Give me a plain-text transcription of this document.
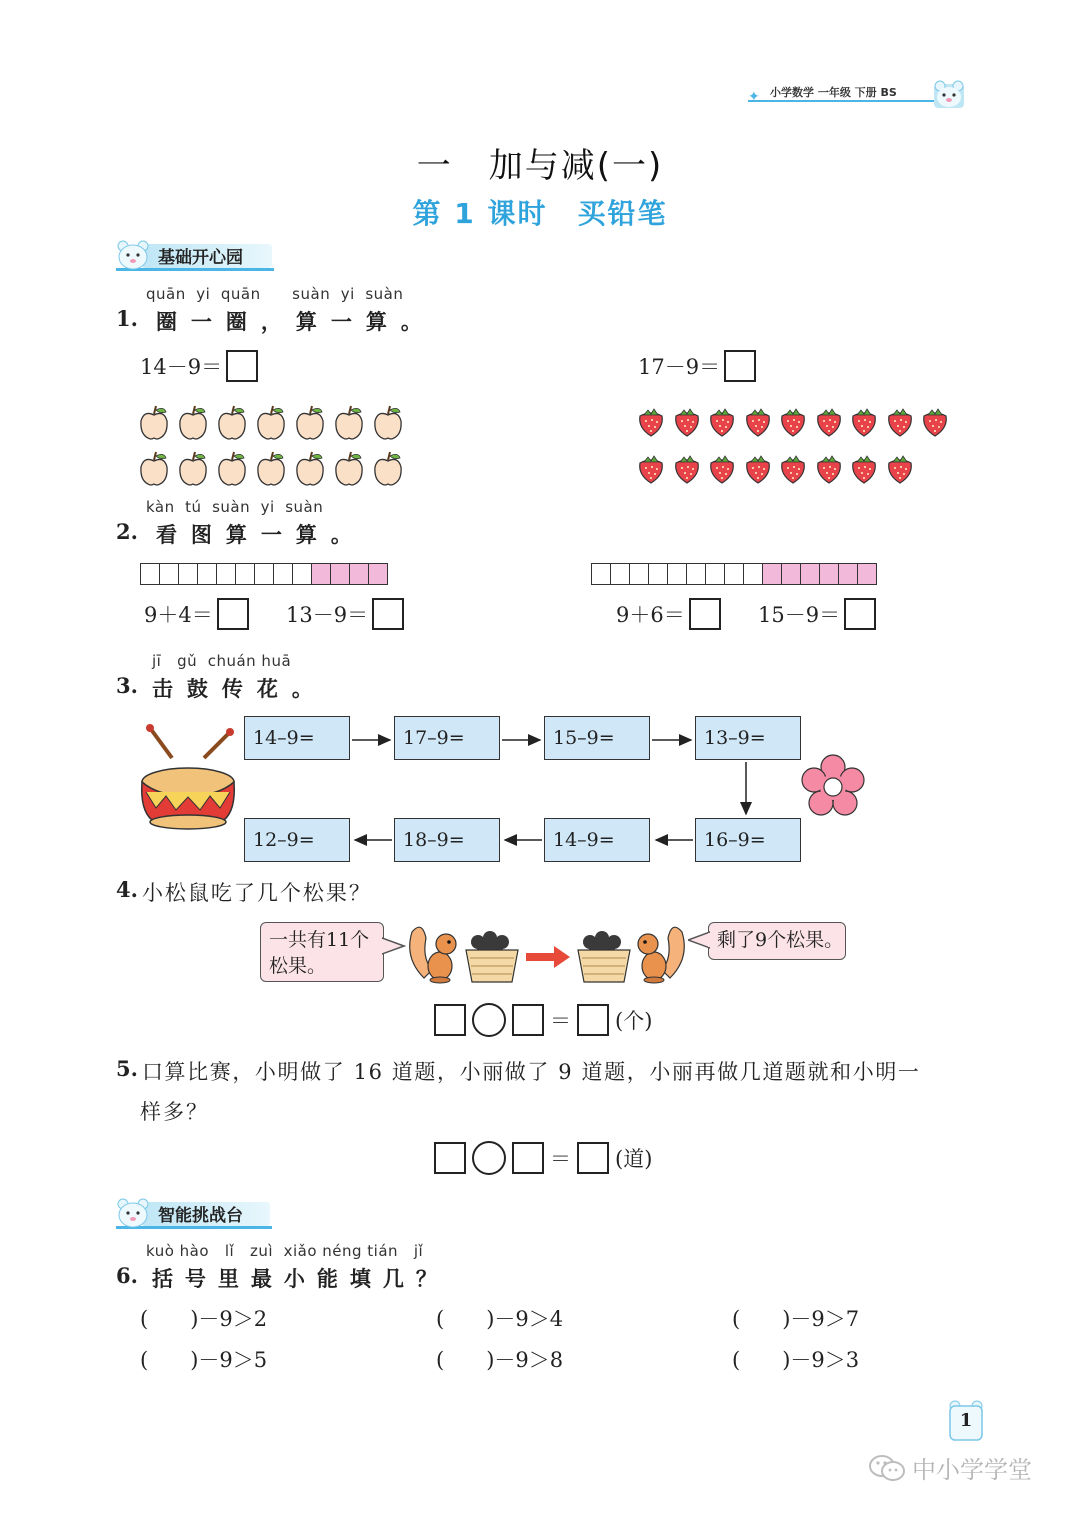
✦ 小学数学 一年级 下册 BS
一　加与减(一)
第 1 课时　买铅笔
基础开心园
quān  yi  quān      suàn  yi  suàn
1. 圈一圈，算一算。
14－9＝	17－9＝
kàn  tú  suàn  yi  suàn
2. 看图算一算。
9＋4＝	13－9＝	9＋6＝	15－9＝
jī   gǔ  chuán huā
3. 击鼓传花。
14–9=	17–9=	15–9=	13–9=
12–9=	18–9=	14–9=	16–9=
4. 小松鼠吃了几个松果？
一共有11个
松果。
剩了9个松果。
＝ (个)
5. 口算比赛，小明做了 16 道题，小丽做了 9 道题，小丽再做几道题就和小明一
样多？
＝ (道)
智能挑战台
kuò hào   lǐ   zuì  xiǎo néng tián   jǐ
6. 括号里最小能填几？
(　　)－9＞2	(　　)－9＞4	(　　)－9＞7
(　　)－9＞5	(　　)－9＞8	(　　)－9＞3
1
中小学学堂
